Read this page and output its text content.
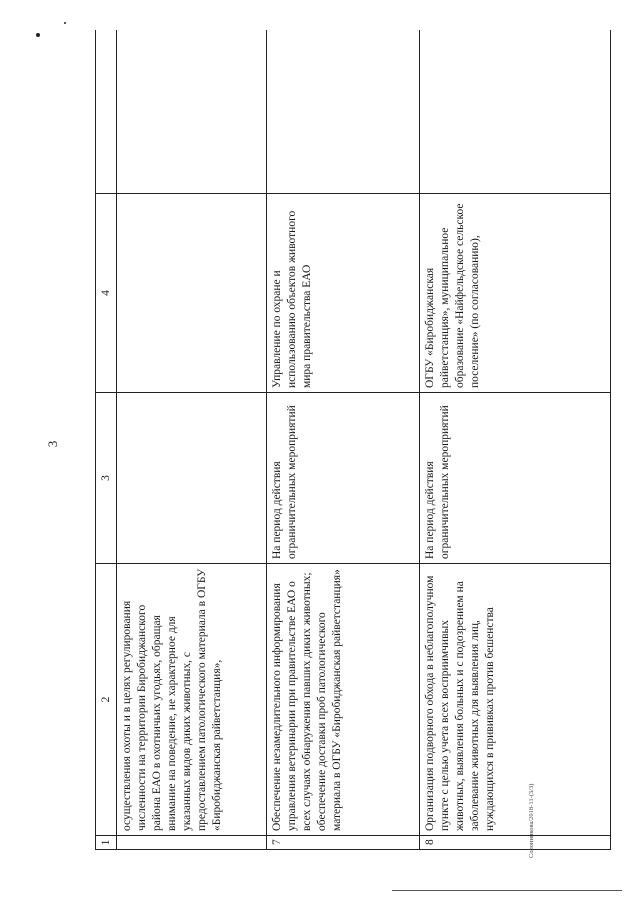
3
1	2	3	4	
	осуществления охоты и в целях регулирования численности на территории Биробиджанского района ЕАО в охотничьих угодьях, обращая внимание на поведение, не характерное для указанных видов диких животных, с предоставлением патологического материала в ОГБУ «Биробиджанская райветстанция»,			
7	Обеспечение незамедлительного информирования управления ветеринарии при правительстве ЕАО о всех случаях обнаружения павших диких животных; обеспечение доставки проб патологического материала в ОГБУ «Биробиджанская райветстанция»	На период действия ограничительных мероприятий	Управление по охране и использованию объектов животного мира правительства ЕАО	
8	Организация подворного обхода в неблагополучном пункте с целью учета всех восприимчивых животных, выявления больных и с подозрением на заболевание животных для выявления лиц, нуждающихся в прививках против бешенства	На период действия ограничительных мероприятий	ОГБУ «Биробиджанская райветстанция», муниципальное образование «Найфельдское сельское поселение» (по согласованию),	
Солонинкова/2018-11-(3/3)
